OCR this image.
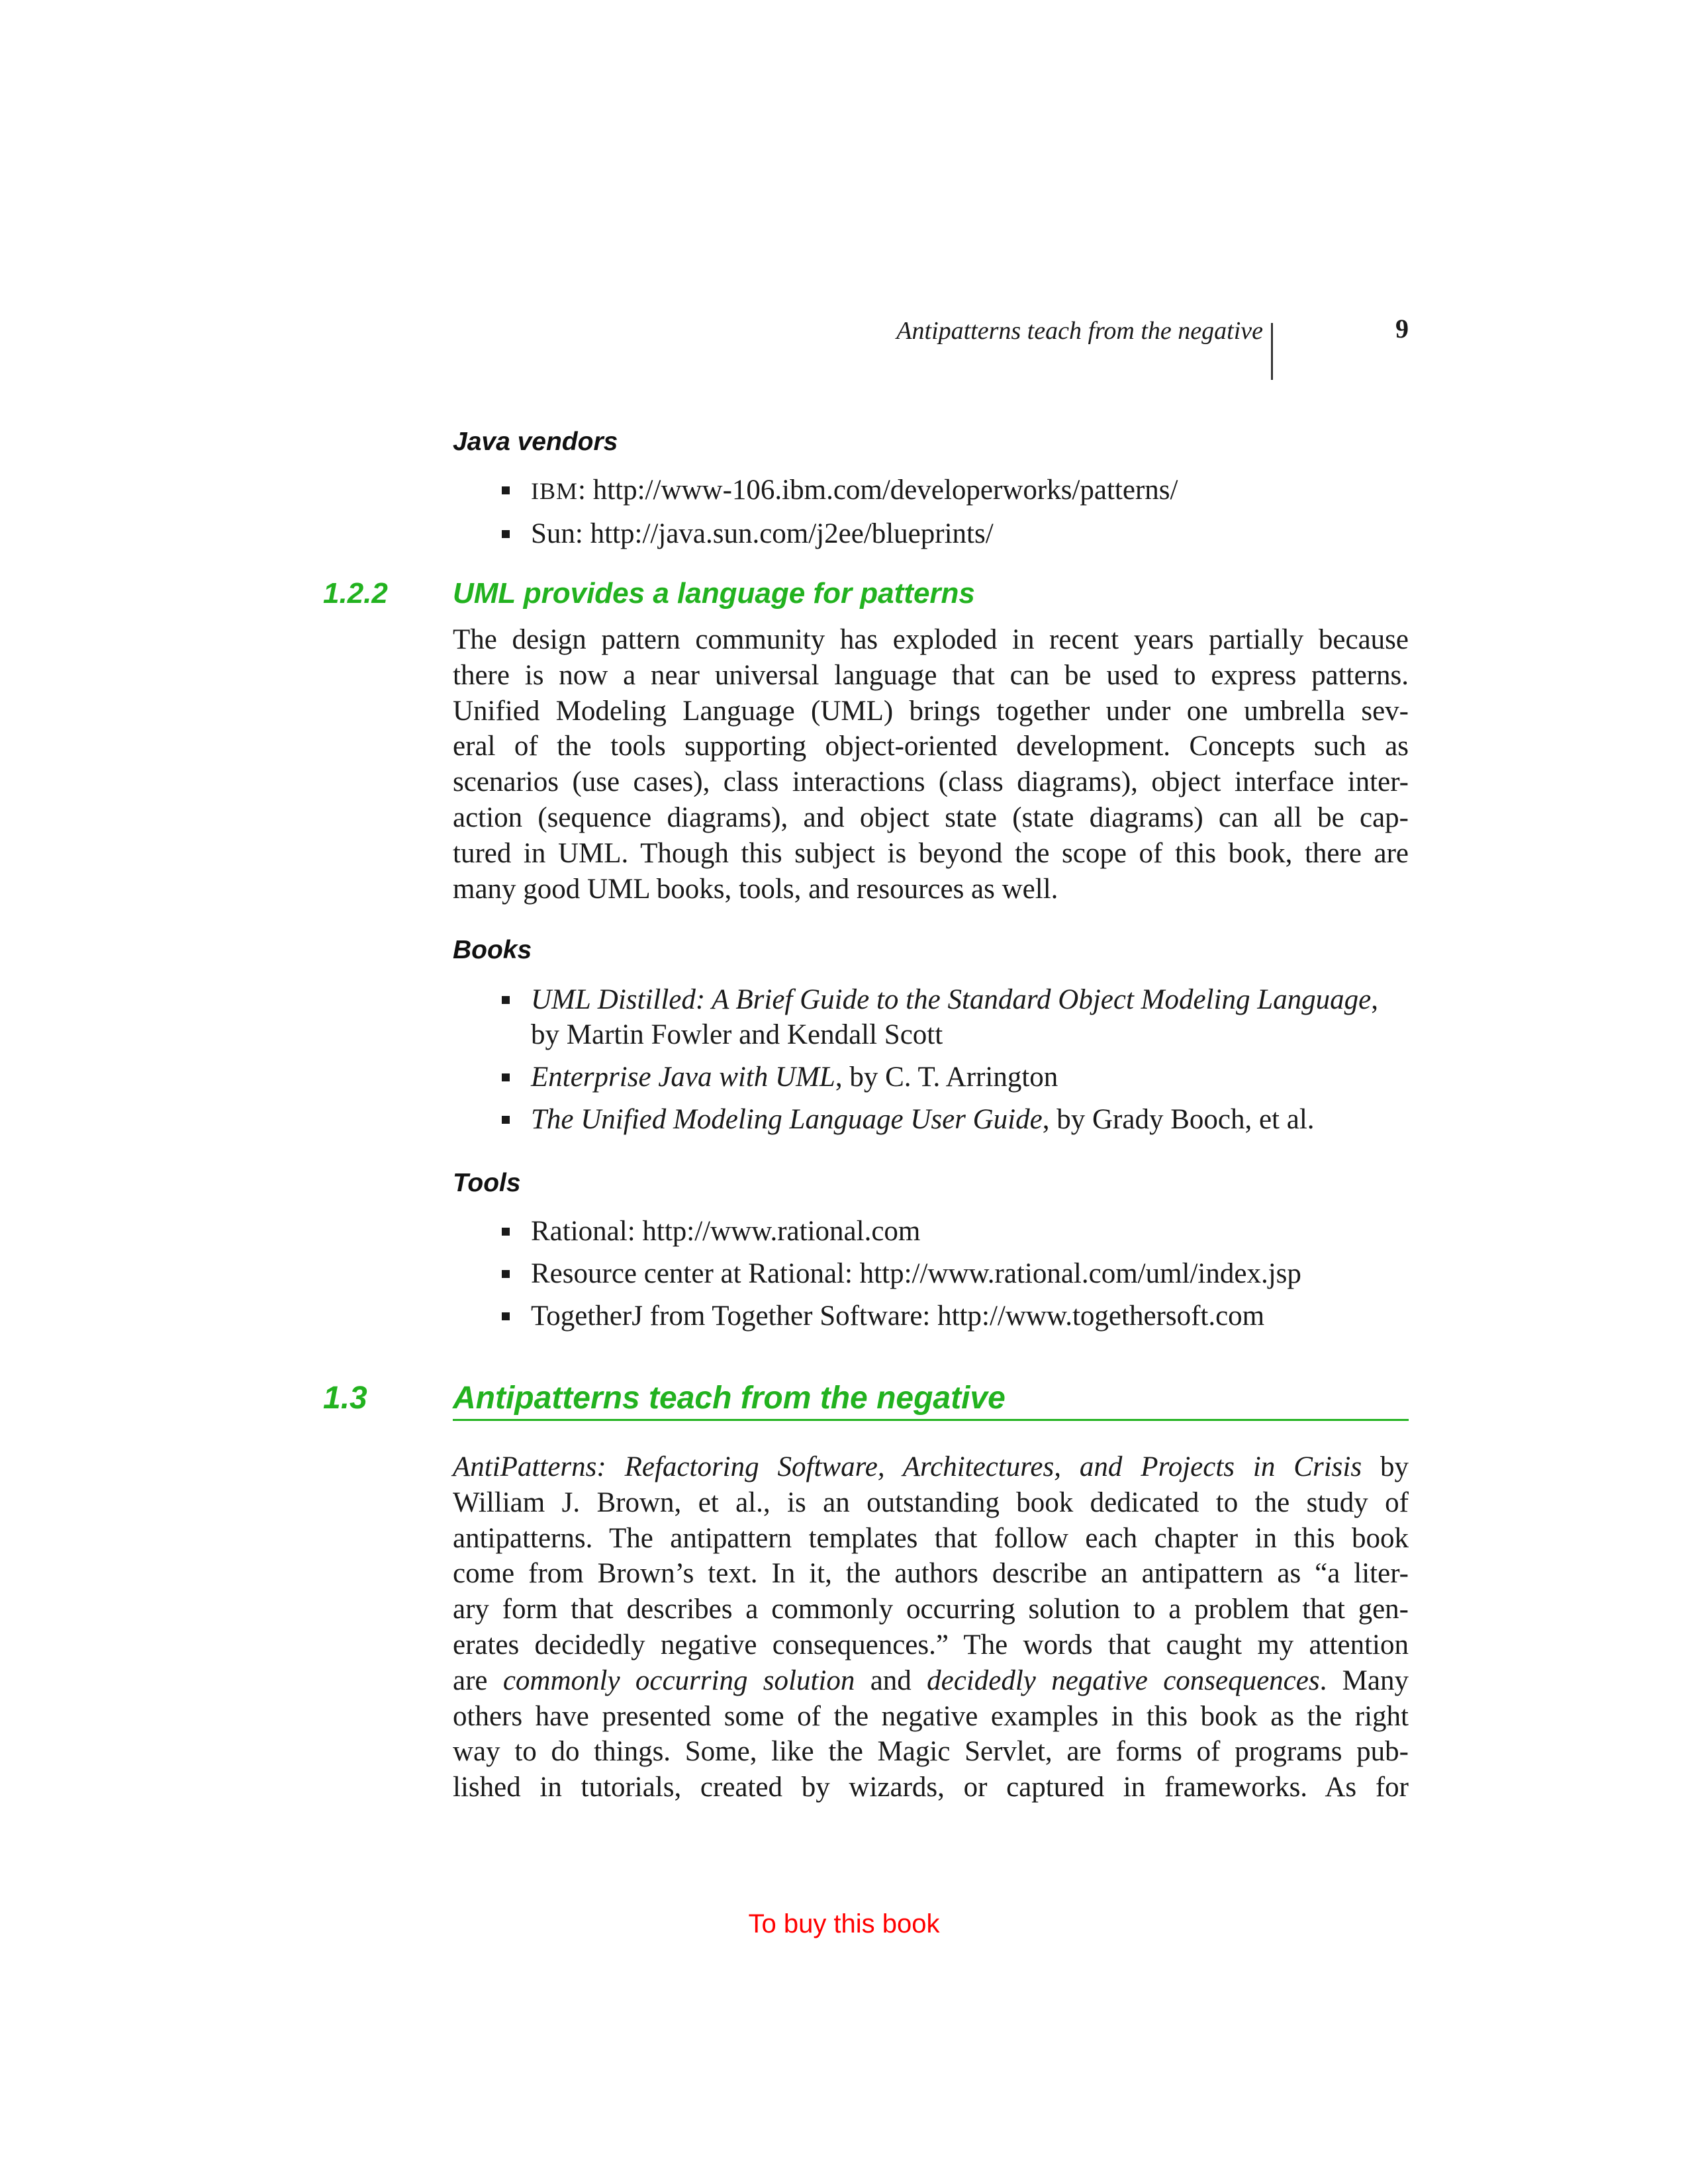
Antipatterns teach from the negative	9
Java vendors
IBM: http://www-106.ibm.com/developerworks/patterns/
Sun: http://java.sun.com/j2ee/blueprints/
1.2.2 UML provides a language for patterns
The design pattern community has exploded in recent years partially because
there is now a near universal language that can be used to express patterns.
Unified Modeling Language (UML) brings together under one umbrella sev-
eral of the tools supporting object-oriented development. Concepts such as
scenarios (use cases), class interactions (class diagrams), object interface inter-
action (sequence diagrams), and object state (state diagrams) can all be cap-
tured in UML. Though this subject is beyond the scope of this book, there are
many good UML books, tools, and resources as well.
Books
UML Distilled: A Brief Guide to the Standard Object Modeling Language,
by Martin Fowler and Kendall Scott
Enterprise Java with UML, by C. T. Arrington
The Unified Modeling Language User Guide, by Grady Booch, et al.
Tools
Rational: http://www.rational.com
Resource center at Rational: http://www.rational.com/uml/index.jsp
TogetherJ from Together Software: http://www.togethersoft.com
1.3	Antipatterns teach from the negative
AntiPatterns: Refactoring Software, Architectures, and Projects in Crisis by
William J. Brown, et al., is an outstanding book dedicated to the study of
antipatterns. The antipattern templates that follow each chapter in this book
come from Brown’s text. In it, the authors describe an antipattern as “a liter-
ary form that describes a commonly occurring solution to a problem that gen-
erates decidedly negative consequences.” The words that caught my attention
are commonly occurring solution and decidedly negative consequences. Many
others have presented some of the negative examples in this book as the right
way to do things. Some, like the Magic Servlet, are forms of programs pub-
lished in tutorials, created by wizards, or captured in frameworks. As for
To buy this book
